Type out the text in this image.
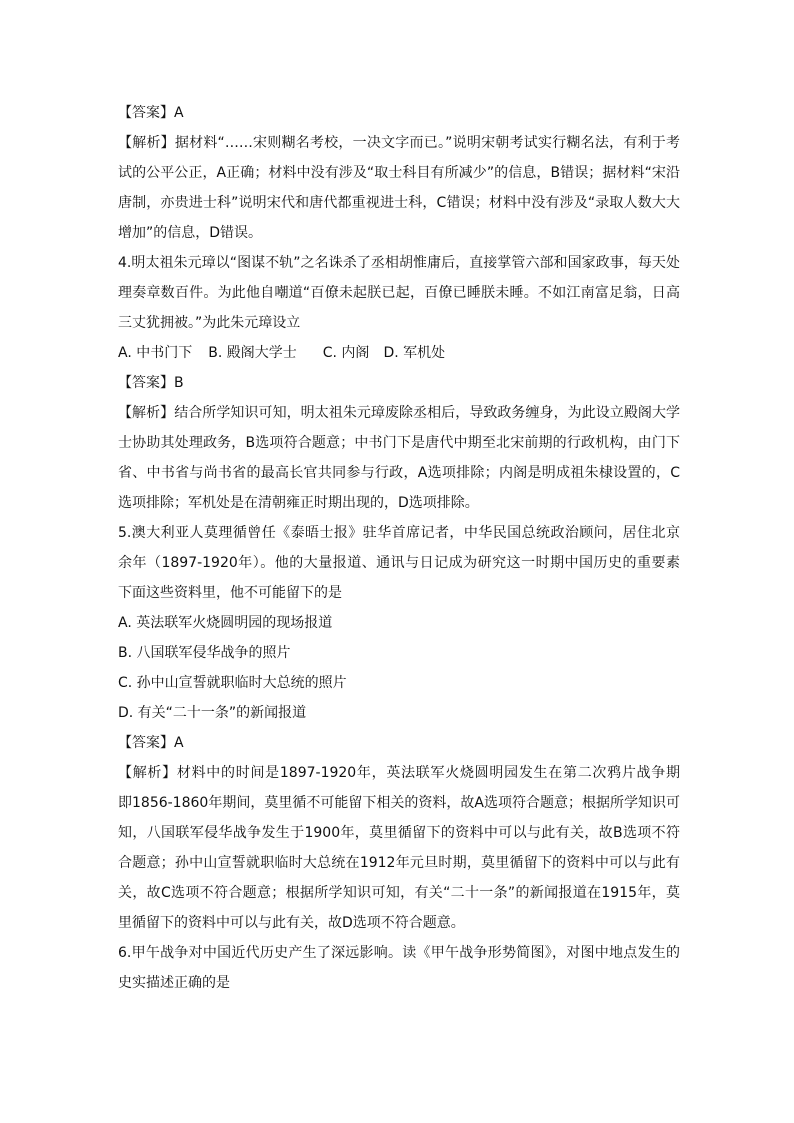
【答案】A
【解析】据材料“……宋则糊名考校，一决文字而已。”说明宋朝考试实行糊名法，有利于考
试的公平公正，A正确；材料中没有涉及“取士科目有所减少”的信息，B错误；据材料“宋沿
唐制，亦贵进士科”说明宋代和唐代都重视进士科，C错误；材料中没有涉及“录取人数大大
增加”的信息，D错误。
4.明太祖朱元璋以“图谋不轨”之名诛杀了丞相胡惟庸后，直接掌管六部和国家政事，每天处
理奏章数百件。为此他自嘲道“百僚未起朕已起，百僚已睡朕未睡。不如江南富足翁，日高
三丈犹拥被。”为此朱元璋设立
A. 中书门下 B. 殿阁大学士 C. 内阁 D. 军机处
【答案】B
【解析】结合所学知识可知，明太祖朱元璋废除丞相后，导致政务缠身，为此设立殿阁大学
士协助其处理政务，B选项符合题意；中书门下是唐代中期至北宋前期的行政机构，由门下
省、中书省与尚书省的最高长官共同参与行政，A选项排除；内阁是明成祖朱棣设置的，C
选项排除；军机处是在清朝雍正时期出现的，D选项排除。
5.澳大利亚人莫理循曾任《泰晤士报》驻华首席记者，中华民国总统政治顾问，居住北京
余年（1897-1920年）。他的大量报道、通讯与日记成为研究这一时期中国历史的重要素
下面这些资料里，他不可能留下的是
A. 英法联军火烧圆明园的现场报道
B. 八国联军侵华战争的照片
C. 孙中山宣誓就职临时大总统的照片
D. 有关“二十一条”的新闻报道
【答案】A
【解析】材料中的时间是1897-1920年，英法联军火烧圆明园发生在第二次鸦片战争期
即1856-1860年期间，莫里循不可能留下相关的资料，故A选项符合题意；根据所学知识可
知，八国联军侵华战争发生于1900年，莫里循留下的资料中可以与此有关，故B选项不符
合题意；孙中山宣誓就职临时大总统在1912年元旦时期，莫里循留下的资料中可以与此有
关，故C选项不符合题意；根据所学知识可知，有关“二十一条”的新闻报道在1915年，莫
里循留下的资料中可以与此有关，故D选项不符合题意。
6.甲午战争对中国近代历史产生了深远影响。读《甲午战争形势简图》，对图中地点发生的
史实描述正确的是
